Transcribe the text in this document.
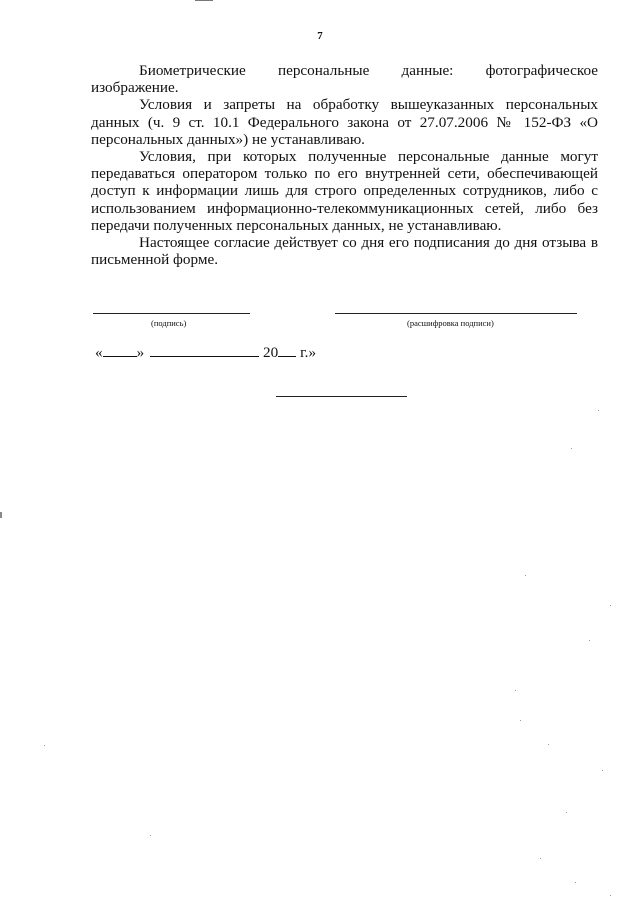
7

Биометрические персональные данные: фотографическое изображение.

Условия и запреты на обработку вышеуказанных персональных данных (ч. 9 ст. 10.1 Федерального закона от 27.07.2006 № 152-ФЗ «О персональных данных») не устанавливаю.

Условия, при которых полученные персональные данные могут передаваться оператором только по его внутренней сети, обеспечивающей доступ к информации лишь для строго определенных сотрудников, либо с использованием информационно-телекоммуникационных сетей, либо без передачи полученных персональных данных, не устанавливаю.

Настоящее согласие действует со дня его подписания до дня отзыва в письменной форме.

(подпись)	(расшифровка подписи)
« »	20 г.»
